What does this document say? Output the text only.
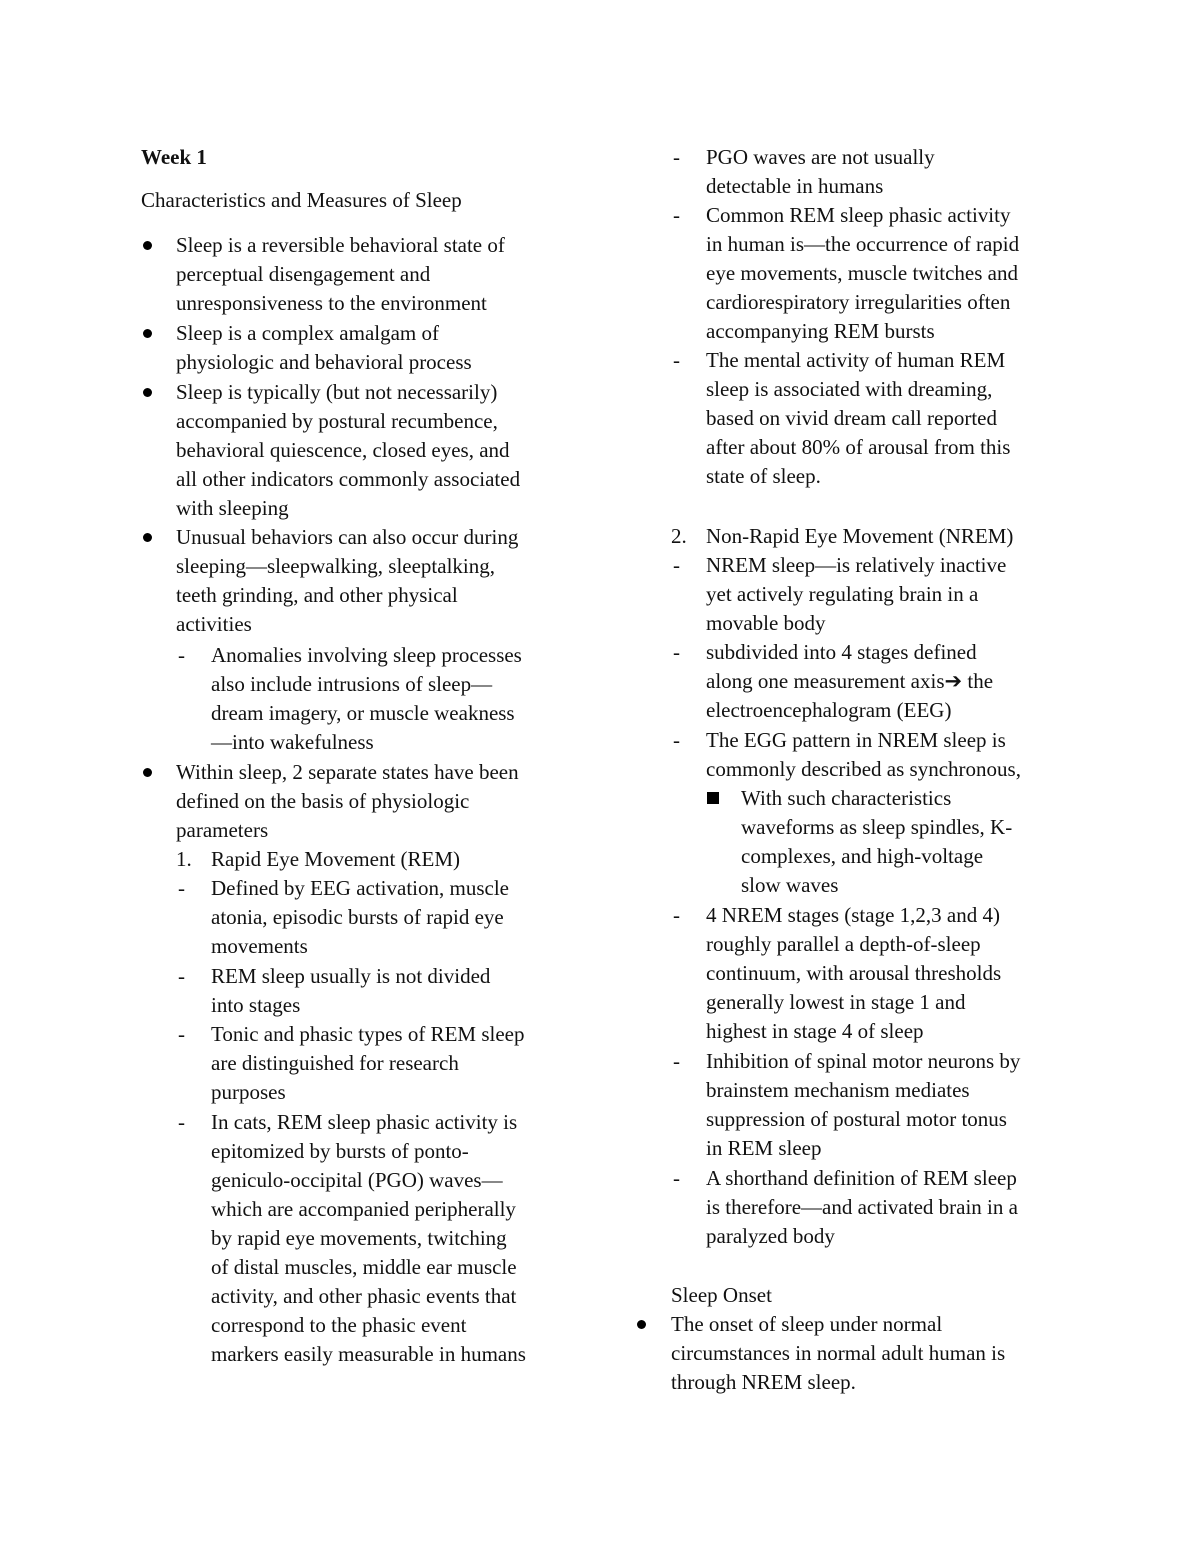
Week 1
Characteristics and Measures of Sleep
Sleep is a reversible behavioral state of
perceptual disengagement and
unresponsiveness to the environment
Sleep is a complex amalgam of
physiologic and behavioral process
Sleep is typically (but not necessarily)
accompanied by postural recumbence,
behavioral quiescence, closed eyes, and
all other indicators commonly associated
with sleeping
Unusual behaviors can also occur during
sleeping—sleepwalking, sleeptalking,
teeth grinding, and other physical
activities
- Anomalies involving sleep processes
also include intrusions of sleep—
dream imagery, or muscle weakness
—into wakefulness
Within sleep, 2 separate states have been
defined on the basis of physiologic
parameters
1. Rapid Eye Movement (REM)
- Defined by EEG activation, muscle
atonia, episodic bursts of rapid eye
movements
- REM sleep usually is not divided
into stages
- Tonic and phasic types of REM sleep
are distinguished for research
purposes
- In cats, REM sleep phasic activity is
epitomized by bursts of ponto-
geniculo-occipital (PGO) waves—
which are accompanied peripherally
by rapid eye movements, twitching
of distal muscles, middle ear muscle
activity, and other phasic events that
correspond to the phasic event
markers easily measurable in humans
- PGO waves are not usually
detectable in humans
- Common REM sleep phasic activity
in human is—the occurrence of rapid
eye movements, muscle twitches and
cardiorespiratory irregularities often
accompanying REM bursts
- The mental activity of human REM
sleep is associated with dreaming,
based on vivid dream call reported
after about 80% of arousal from this
state of sleep.
2. Non-Rapid Eye Movement (NREM)
- NREM sleep—is relatively inactive
yet actively regulating brain in a
movable body
- subdivided into 4 stages defined
along one measurement axis➔ the
electroencephalogram (EEG)
- The EGG pattern in NREM sleep is
commonly described as synchronous,
With such characteristics
waveforms as sleep spindles, K-
complexes, and high-voltage
slow waves
- 4 NREM stages (stage 1,2,3 and 4)
roughly parallel a depth-of-sleep
continuum, with arousal thresholds
generally lowest in stage 1 and
highest in stage 4 of sleep
- Inhibition of spinal motor neurons by
brainstem mechanism mediates
suppression of postural motor tonus
in REM sleep
- A shorthand definition of REM sleep
is therefore—and activated brain in a
paralyzed body
Sleep Onset
The onset of sleep under normal
circumstances in normal adult human is
through NREM sleep.
